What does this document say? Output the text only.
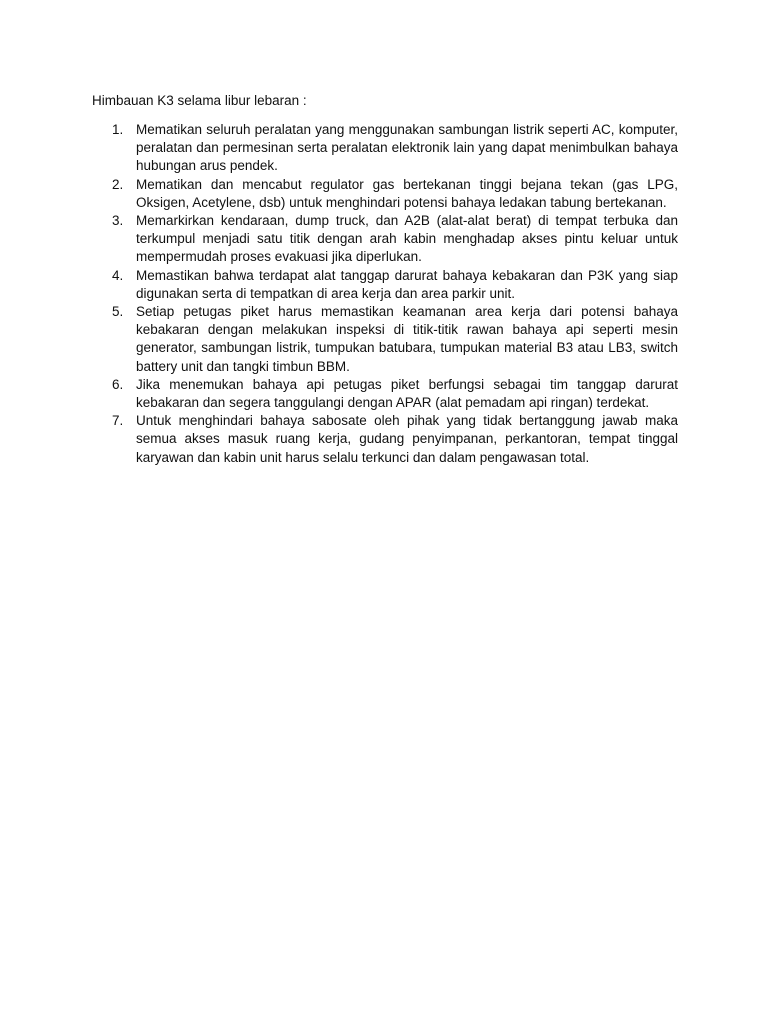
Himbauan K3 selama libur lebaran :
1. Mematikan seluruh peralatan yang menggunakan sambungan listrik seperti AC, komputer, peralatan dan permesinan serta peralatan elektronik lain yang dapat menimbulkan bahaya hubungan arus pendek.
2. Mematikan dan mencabut regulator gas bertekanan tinggi bejana tekan (gas LPG, Oksigen, Acetylene, dsb) untuk menghindari potensi bahaya ledakan tabung bertekanan.
3. Memarkirkan kendaraan, dump truck, dan A2B (alat-alat berat) di tempat terbuka dan terkumpul menjadi satu titik dengan arah kabin menghadap akses pintu keluar untuk mempermudah proses evakuasi jika diperlukan.
4. Memastikan bahwa terdapat alat tanggap darurat bahaya kebakaran dan P3K yang siap digunakan serta di tempatkan di area kerja dan area parkir unit.
5. Setiap petugas piket harus memastikan keamanan area kerja dari potensi bahaya kebakaran dengan melakukan inspeksi di titik-titik rawan bahaya api seperti mesin generator, sambungan listrik, tumpukan batubara, tumpukan material B3 atau LB3, switch battery unit dan tangki timbun BBM.
6. Jika menemukan bahaya api petugas piket berfungsi sebagai tim tanggap darurat kebakaran dan segera tanggulangi dengan APAR (alat pemadam api ringan) terdekat.
7. Untuk menghindari bahaya sabosate oleh pihak yang tidak bertanggung jawab maka semua akses masuk ruang kerja, gudang penyimpanan, perkantoran, tempat tinggal karyawan dan kabin unit harus selalu terkunci dan dalam pengawasan total.
